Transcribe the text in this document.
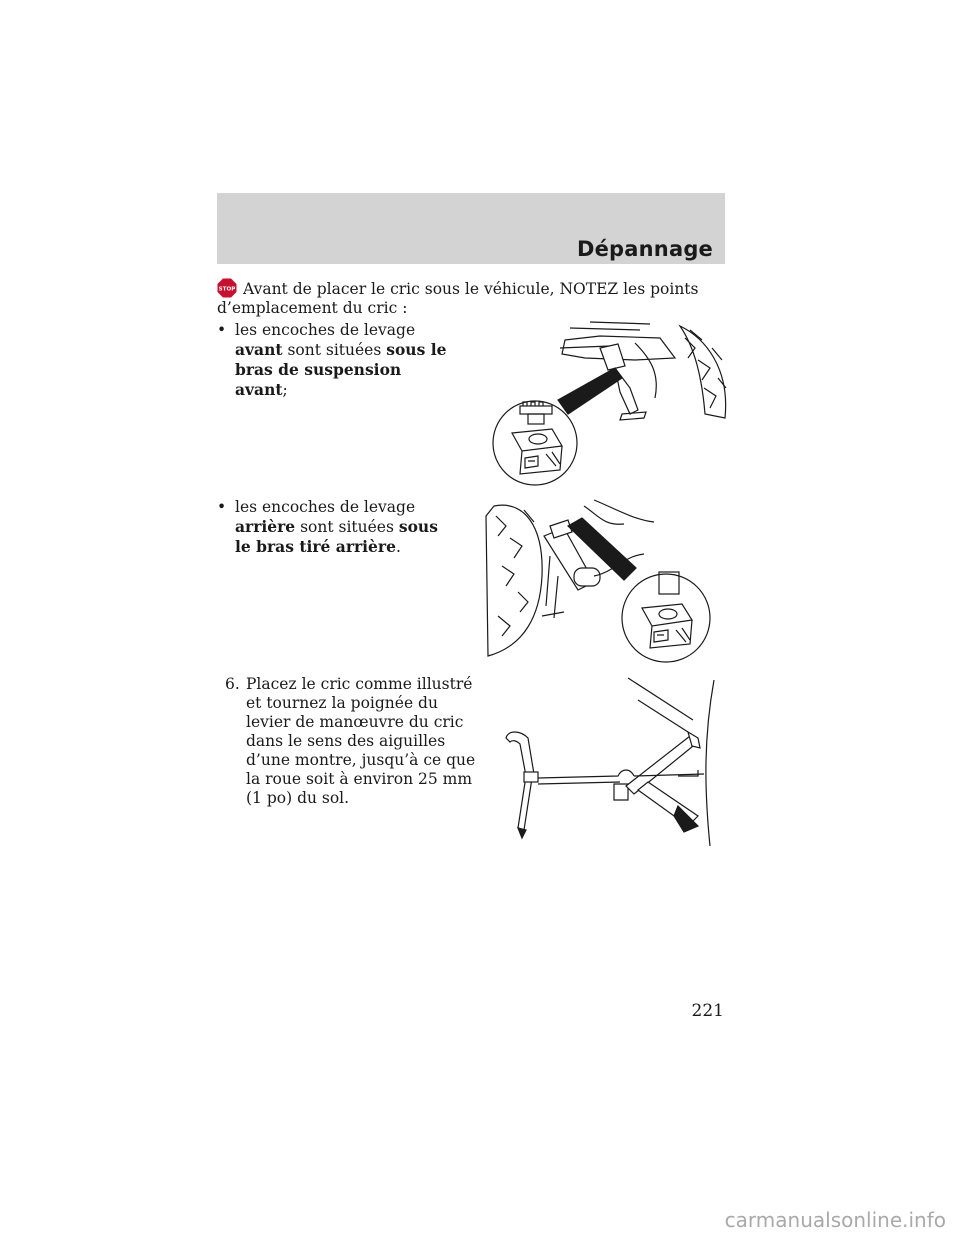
Dépannage
STOP Avant de placer le cric sous le véhicule, NOTEZ les points d’emplacement du cric :
• les encoches de levage avant sont situées sous le bras de suspension avant;
• les encoches de levage arrière sont situées sous le bras tiré arrière.
6. Placez le cric comme illustré et tournez la poignée du levier de manœuvre du cric dans le sens des aiguilles d’une montre, jusqu’à ce que la roue soit à environ 25 mm (1 po) du sol.
221
carmanualsonline.info
